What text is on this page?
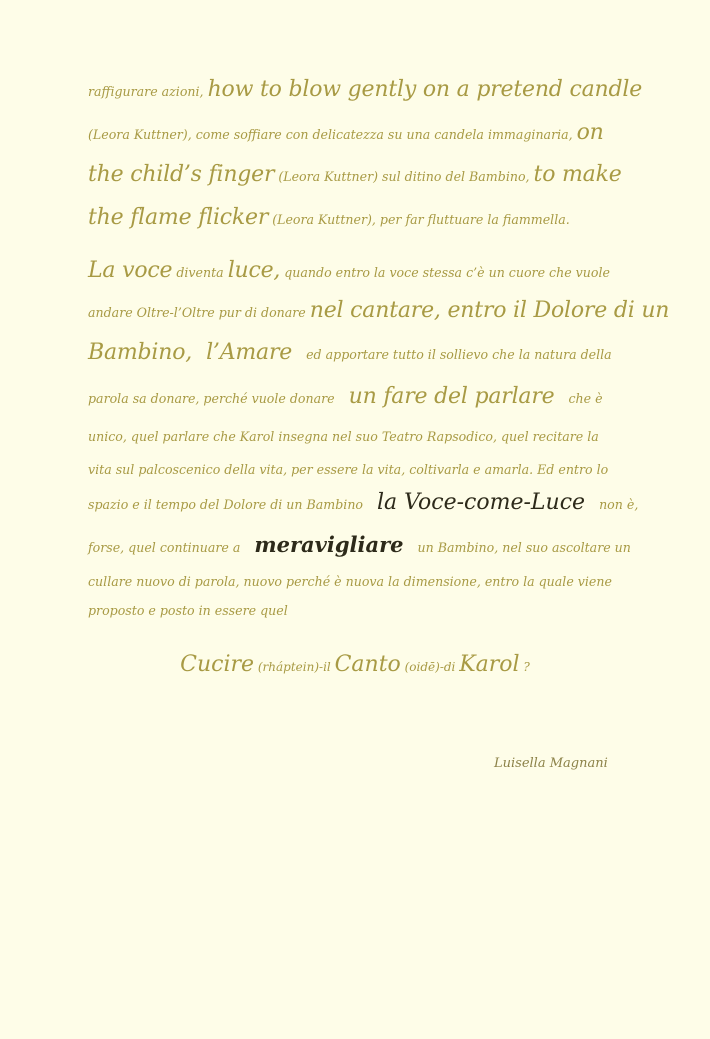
raffigurare azioni, how to blow gently on a pretend candle (Leora Kuttner), come soffiare con delicatezza su una candela immaginaria, on the child’s finger (Leora Kuttner) sul ditino del Bambino, to make the flame flicker (Leora Kuttner), per far fluttuare la fiammella.

La voce diventa luce, quando entro la voce stessa c’è un cuore che vuole
andare Oltre-l’Oltre pur di donare nel cantare, entro il Dolore di un
Bambino, l’Amare ed apportare tutto il sollievo che la natura della
parola sa donare, perché vuole donare un fare del parlare che è
unico, quel parlare che Karol insegna nel suo Teatro Rapsodico, quel recitare la
vita sul palcoscenico della vita, per essere la vita, coltivarla e amarla. Ed entro lo
spazio e il tempo del Dolore di un Bambino la Voce-come-Luce non è,
forse, quel continuare a meravigliare un Bambino, nel suo ascoltare un
cullare nuovo di parola, nuovo perché è nuova la dimensione, entro la quale viene
proposto e posto in essere quel
Cucire (rháptein)-il Canto (oidē)-di Karol ?
Luisella Magnani
